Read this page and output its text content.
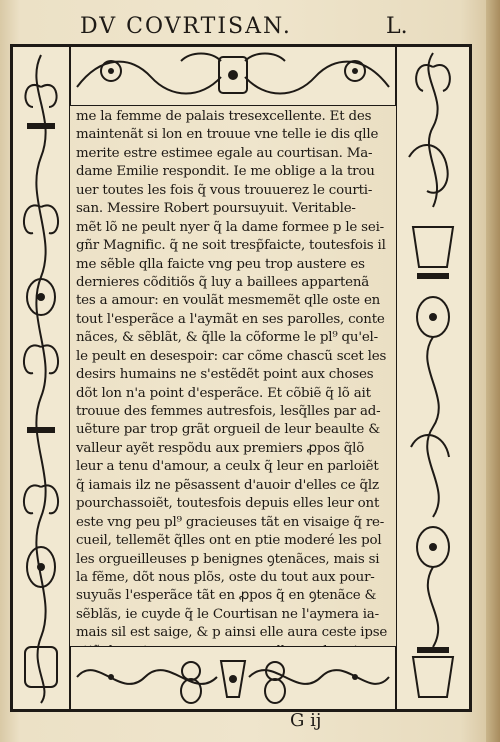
DV COVRTISAN.	L.
me la femme de palais tresexcellente. Et des
maintenãt si lon en trouue vne telle ie dis qlle
merite estre estimee egale au courtisan. Ma-
dame Emilie respondit. Ie me oblige a la trou
uer toutes les fois q̃ vous trouuerez le courti-
san. Messire Robert poursuyuit. Veritable-
mẽt lõ ne peult nyer q̃ la dame formee p le sei-
gñr Magnific. q̃ ne soit tresp̃faicte, toutesfois il
me sẽble qlla faicte vng peu trop austere es
dernieres cõditiõs q̃ luy a baillees appartenã
tes a amour: en voulãt mesmemẽt qlle oste en
tout l'esperãce a l'aymãt en ses parolles, conte
nãces, & sẽblãt, & q̃lle la cõforme le pl⁹ qu'el-
le peult en desespoir: car cõme chascũ scet les
desirs humains ne s'estẽdẽt point aux choses
dõt lon n'a point d'esperãce. Et cõbiẽ q̃ lõ ait
trouue des femmes autresfois, lesq̃lles par ad-
uẽture par trop grãt orgueil de leur beaulte &
valleur ayẽt respõdu aux premiers ꝓpos q̃lõ
leur a tenu d'amour, a ceulx q̃ leur en parloiẽt
q̃ iamais ilz ne pẽsassent d'auoir d'elles ce q̃lz
pourchassoiẽt, toutesfois depuis elles leur ont
este vng peu pl⁹ gracieuses tãt en visaige q̃ re-
cueil, tellemẽt q̃lles ont en ptie moderé les pol
les orgueilleuses p benignes ꝯtenãces, mais si
la fẽme, dõt nous plõs, oste du tout aux pour-
suyuãs l'esperãce tãt en ꝓpos q̃ en ꝯtenãce &
sẽblãs, ie cuyde q̃ le Courtisan ne l'aymera ia-
mais sil est saige, & p ainsi elle aura ceste ipse
G ij
